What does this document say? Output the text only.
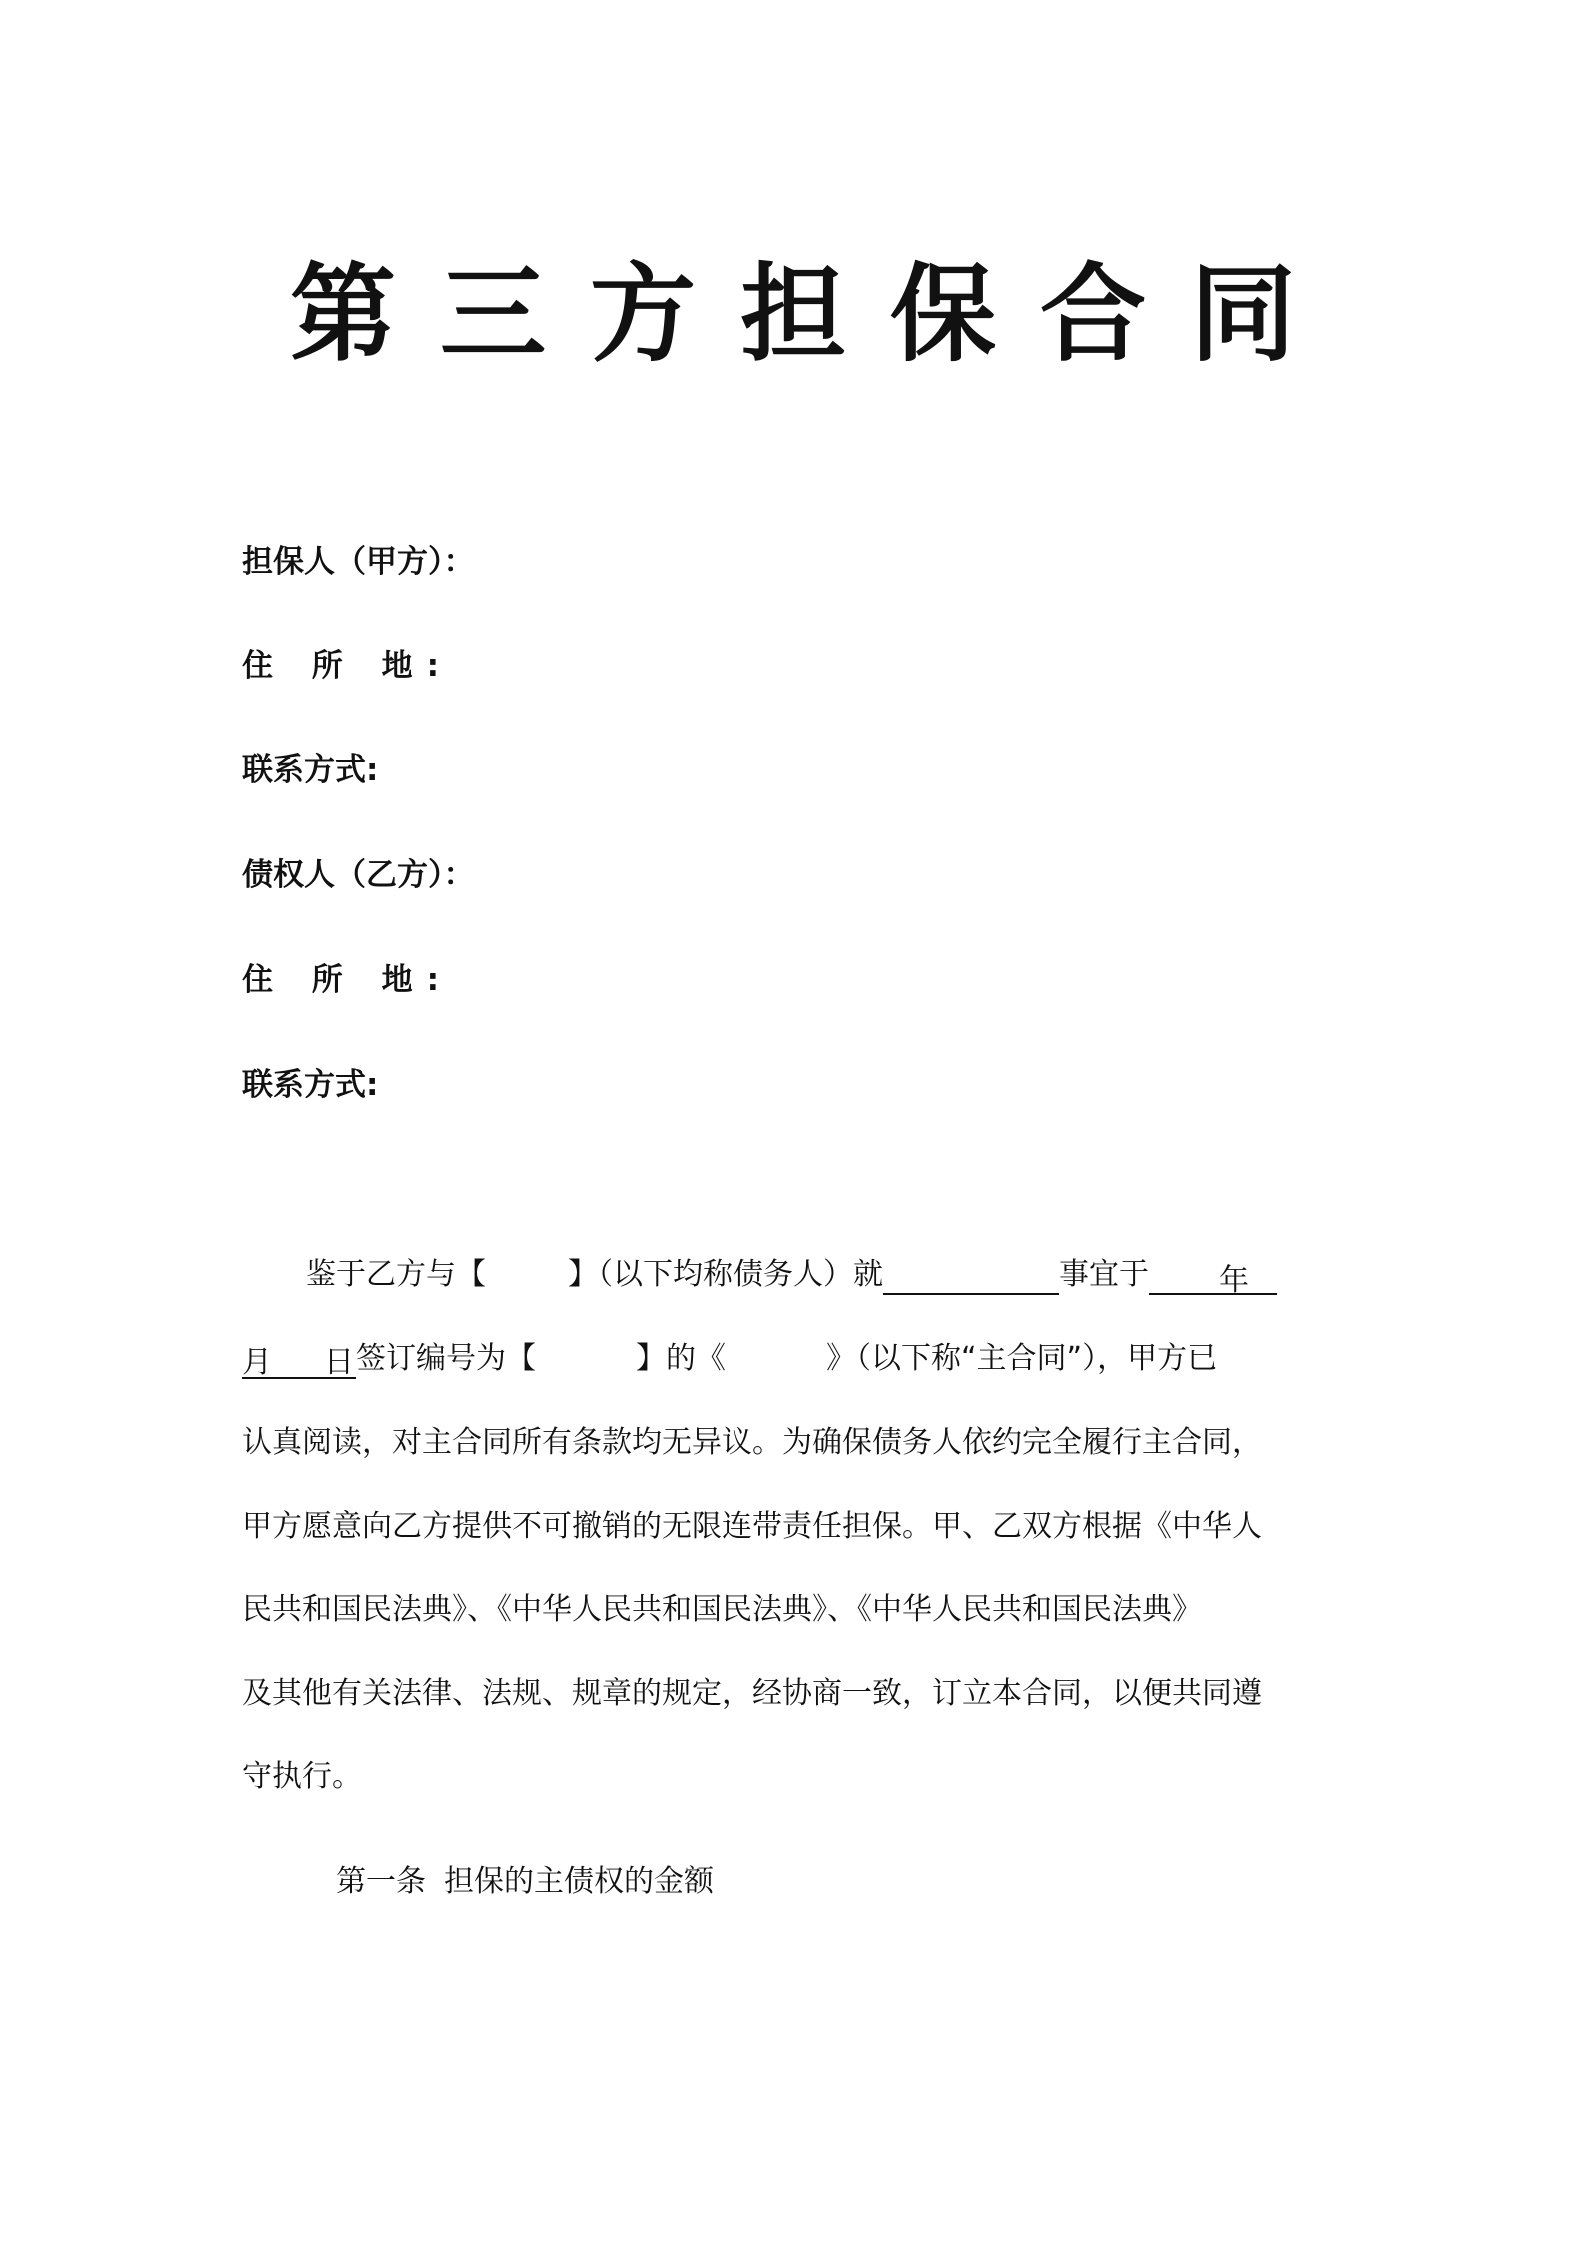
第三方担保合同
担保人（甲方）：
住 所 地:
联系方式:
债权人（乙方）：
住 所 地:
联系方式:
鉴于乙方与【	】（以下均称债务人）就	事宜于 年
月 日签订编号为【	】的《	》（以下称“主合同”），甲方已
认真阅读，对主合同所有条款均无异议。为确保债务人依约完全履行主合同，
甲方愿意向乙方提供不可撤销的无限连带责任担保。甲、乙双方根据《中华人
民共和国民法典》、《中华人民共和国民法典》、《中华人民共和国民法典》
及其他有关法律、法规、规章的规定，经协商一致，订立本合同，以便共同遵
守执行。
第一条 担保的主债权的金额
